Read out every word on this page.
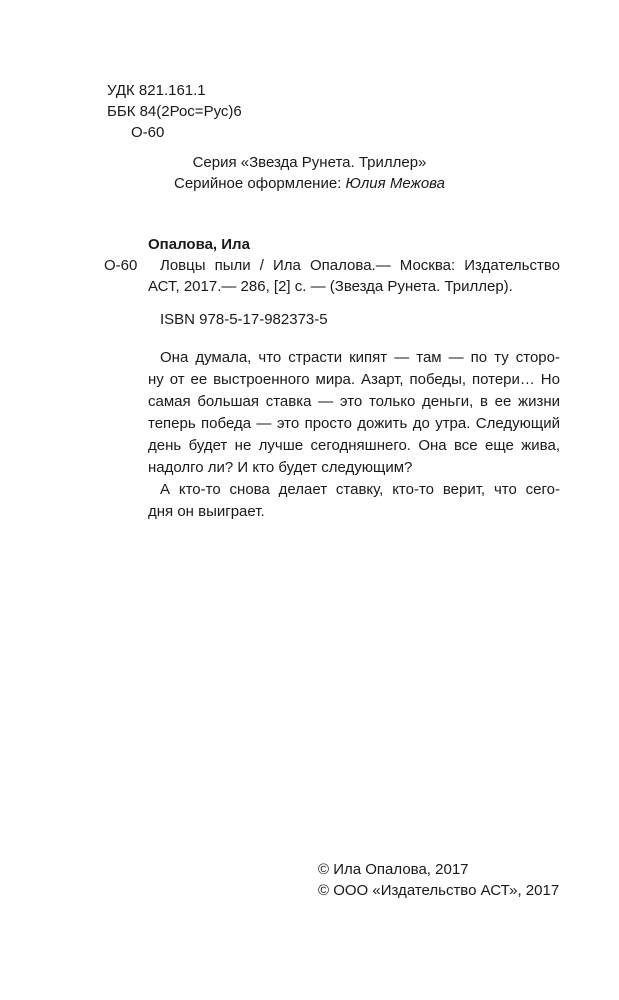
УДК 821.161.1
ББК 84(2Рос=Рус)6
О-60
Серия «Звезда Рунета. Триллер»
Серийное оформление: Юлия Межова
Опалова, Ила
О-60 Ловцы пыли / Ила Опалова.— Москва: Издательство
АСТ, 2017.— 286, [2] с. — (Звезда Рунета. Триллер).
ISBN 978-5-17-982373-5
Она думала, что страсти кипят — там — по ту сторо-
ну от ее выстроенного мира. Азарт, победы, потери… Но
самая большая ставка — это только деньги, в ее жизни
теперь победа — это просто дожить до утра. Следующий
день будет не лучше сегодняшнего. Она все еще жива,
надолго ли? И кто будет следующим?
А кто-то снова делает ставку, кто-то верит, что сего-
дня он выиграет.
© Ила Опалова, 2017
© ООО «Издательство АСТ», 2017
